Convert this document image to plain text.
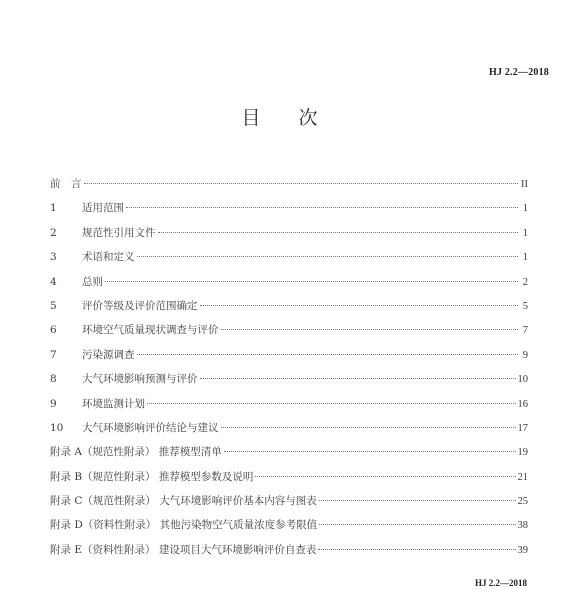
HJ 2.2—2018
目 次
前　言	II
1	适用范围	1
2	规范性引用文件	1
3	术语和定义	1
4	总则	2
5	评价等级及评价范围确定	5
6	环境空气质量现状调查与评价	7
7	污染源调查	9
8	大气环境影响预测与评价	10
9	环境监测计划	16
10	大气环境影响评价结论与建议	17
附录 A（规范性附录） 推荐模型清单	19
附录 B（规范性附录） 推荐模型参数及说明	21
附录 C（规范性附录） 大气环境影响评价基本内容与图表	25
附录 D（资料性附录） 其他污染物空气质量浓度参考限值	38
附录 E（资料性附录） 建设项目大气环境影响评价自查表	39
HJ 2.2—2018
